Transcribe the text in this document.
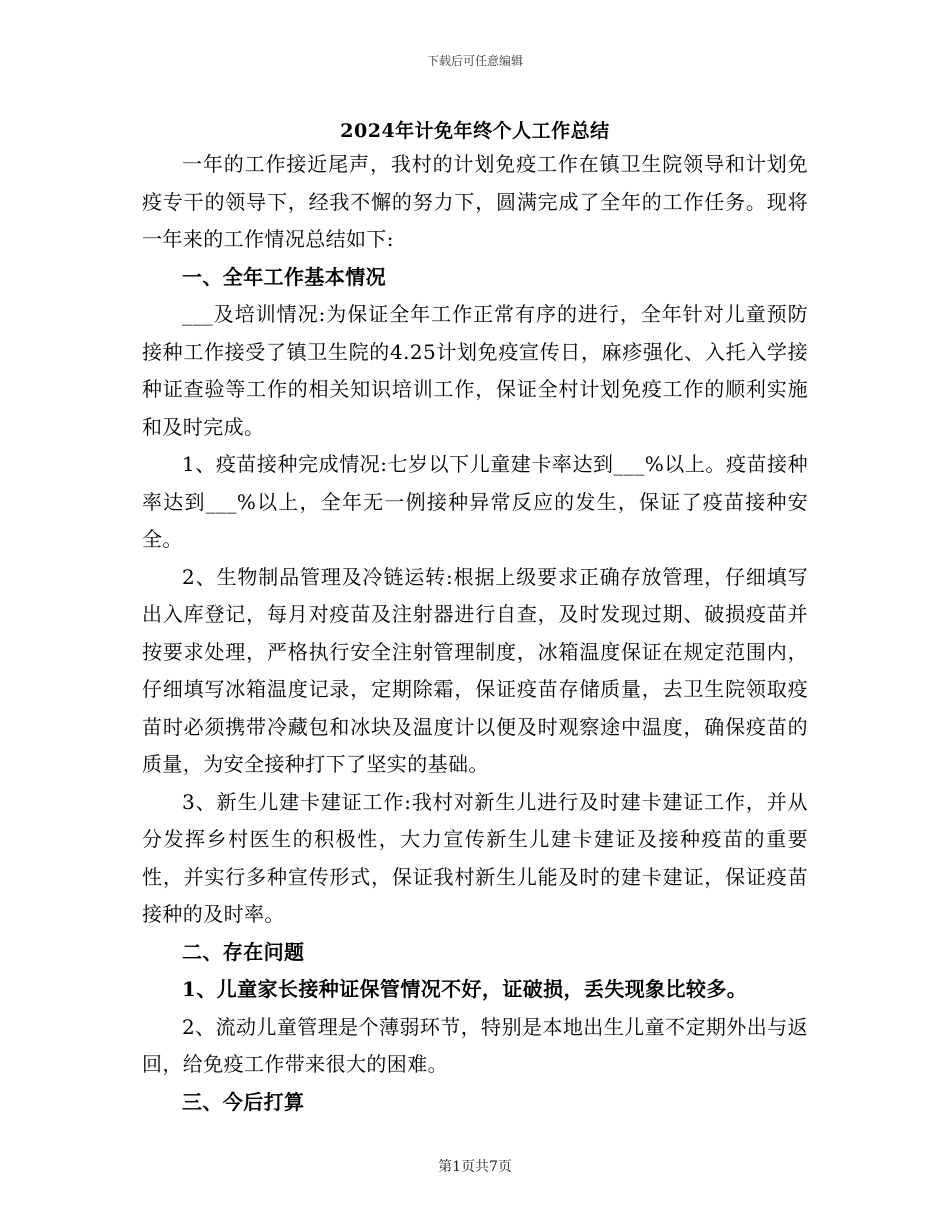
下载后可任意编辑
2024年计免年终个人工作总结

一年的工作接近尾声，我村的计划免疫工作在镇卫生院领导和计划免疫专干的领导下，经我不懈的努力下，圆满完成了全年的工作任务。现将一年来的工作情况总结如下:

一、全年工作基本情况

___及培训情况:为保证全年工作正常有序的进行，全年针对儿童预防接种工作接受了镇卫生院的4.25计划免疫宣传日，麻疹强化、入托入学接种证查验等工作的相关知识培训工作，保证全村计划免疫工作的顺利实施和及时完成。

1、疫苗接种完成情况:七岁以下儿童建卡率达到___%以上。疫苗接种率达到___%以上，全年无一例接种异常反应的发生，保证了疫苗接种安全。

2、生物制品管理及冷链运转:根据上级要求正确存放管理，仔细填写出入库登记，每月对疫苗及注射器进行自查，及时发现过期、破损疫苗并按要求处理，严格执行安全注射管理制度，冰箱温度保证在规定范围内，仔细填写冰箱温度记录，定期除霜，保证疫苗存储质量，去卫生院领取疫苗时必须携带冷藏包和冰块及温度计以便及时观察途中温度，确保疫苗的质量，为安全接种打下了坚实的基础。

3、新生儿建卡建证工作:我村对新生儿进行及时建卡建证工作，并从分发挥乡村医生的积极性，大力宣传新生儿建卡建证及接种疫苗的重要性，并实行多种宣传形式，保证我村新生儿能及时的建卡建证，保证疫苗接种的及时率。

二、存在问题

1、儿童家长接种证保管情况不好，证破损，丢失现象比较多。

2、流动儿童管理是个薄弱环节，特别是本地出生儿童不定期外出与返回，给免疫工作带来很大的困难。

三、今后打算

第1页共7页
